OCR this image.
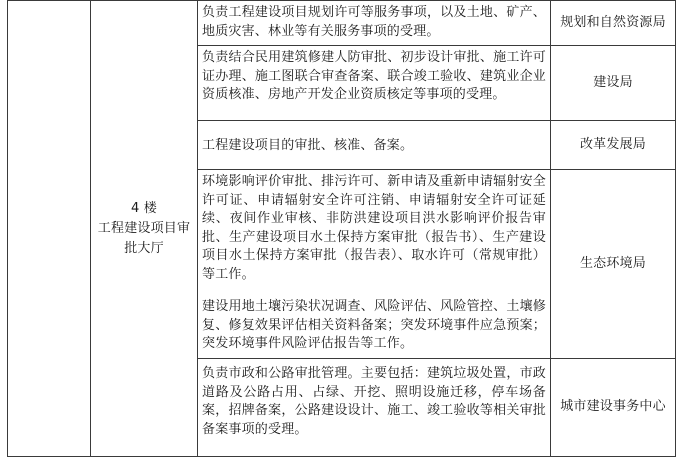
4 楼
工程建设项目审
批大厅
负责工程建设项目规划许可等服务事项，以及土地、矿产、地质灾害、林业等有关服务事项的受理。
规划和自然资源局
负责结合民用建筑修建人防审批、初步设计审批、施工许可证办理、施工图联合审查备案、联合竣工验收、建筑业企业资质核准、房地产开发企业资质核定等事项的受理。
建设局
工程建设项目的审批、核准、备案。	改革发展局
环境影响评价审批、排污许可、新申请及重新申请辐射安全许可证、申请辐射安全许可注销、申请辐射安全许可证延续、夜间作业审核、非防洪建设项目洪水影响评价报告审批、生产建设项目水土保持方案审批（报告书）、生产建设项目水土保持方案审批（报告表）、取水许可（常规审批）等工作。
建设用地土壤污染状况调查、风险评估、风险管控、土壤修复、修复效果评估相关资料备案；突发环境事件应急预案；突发环境事件风险评估报告等工作。
生态环境局
负责市政和公路审批管理。主要包括：建筑垃圾处置，市政道路及公路占用、占绿、开挖、照明设施迁移，停车场备案，招牌备案，公路建设设计、施工、竣工验收等相关审批备案事项的受理。
城市建设事务中心
